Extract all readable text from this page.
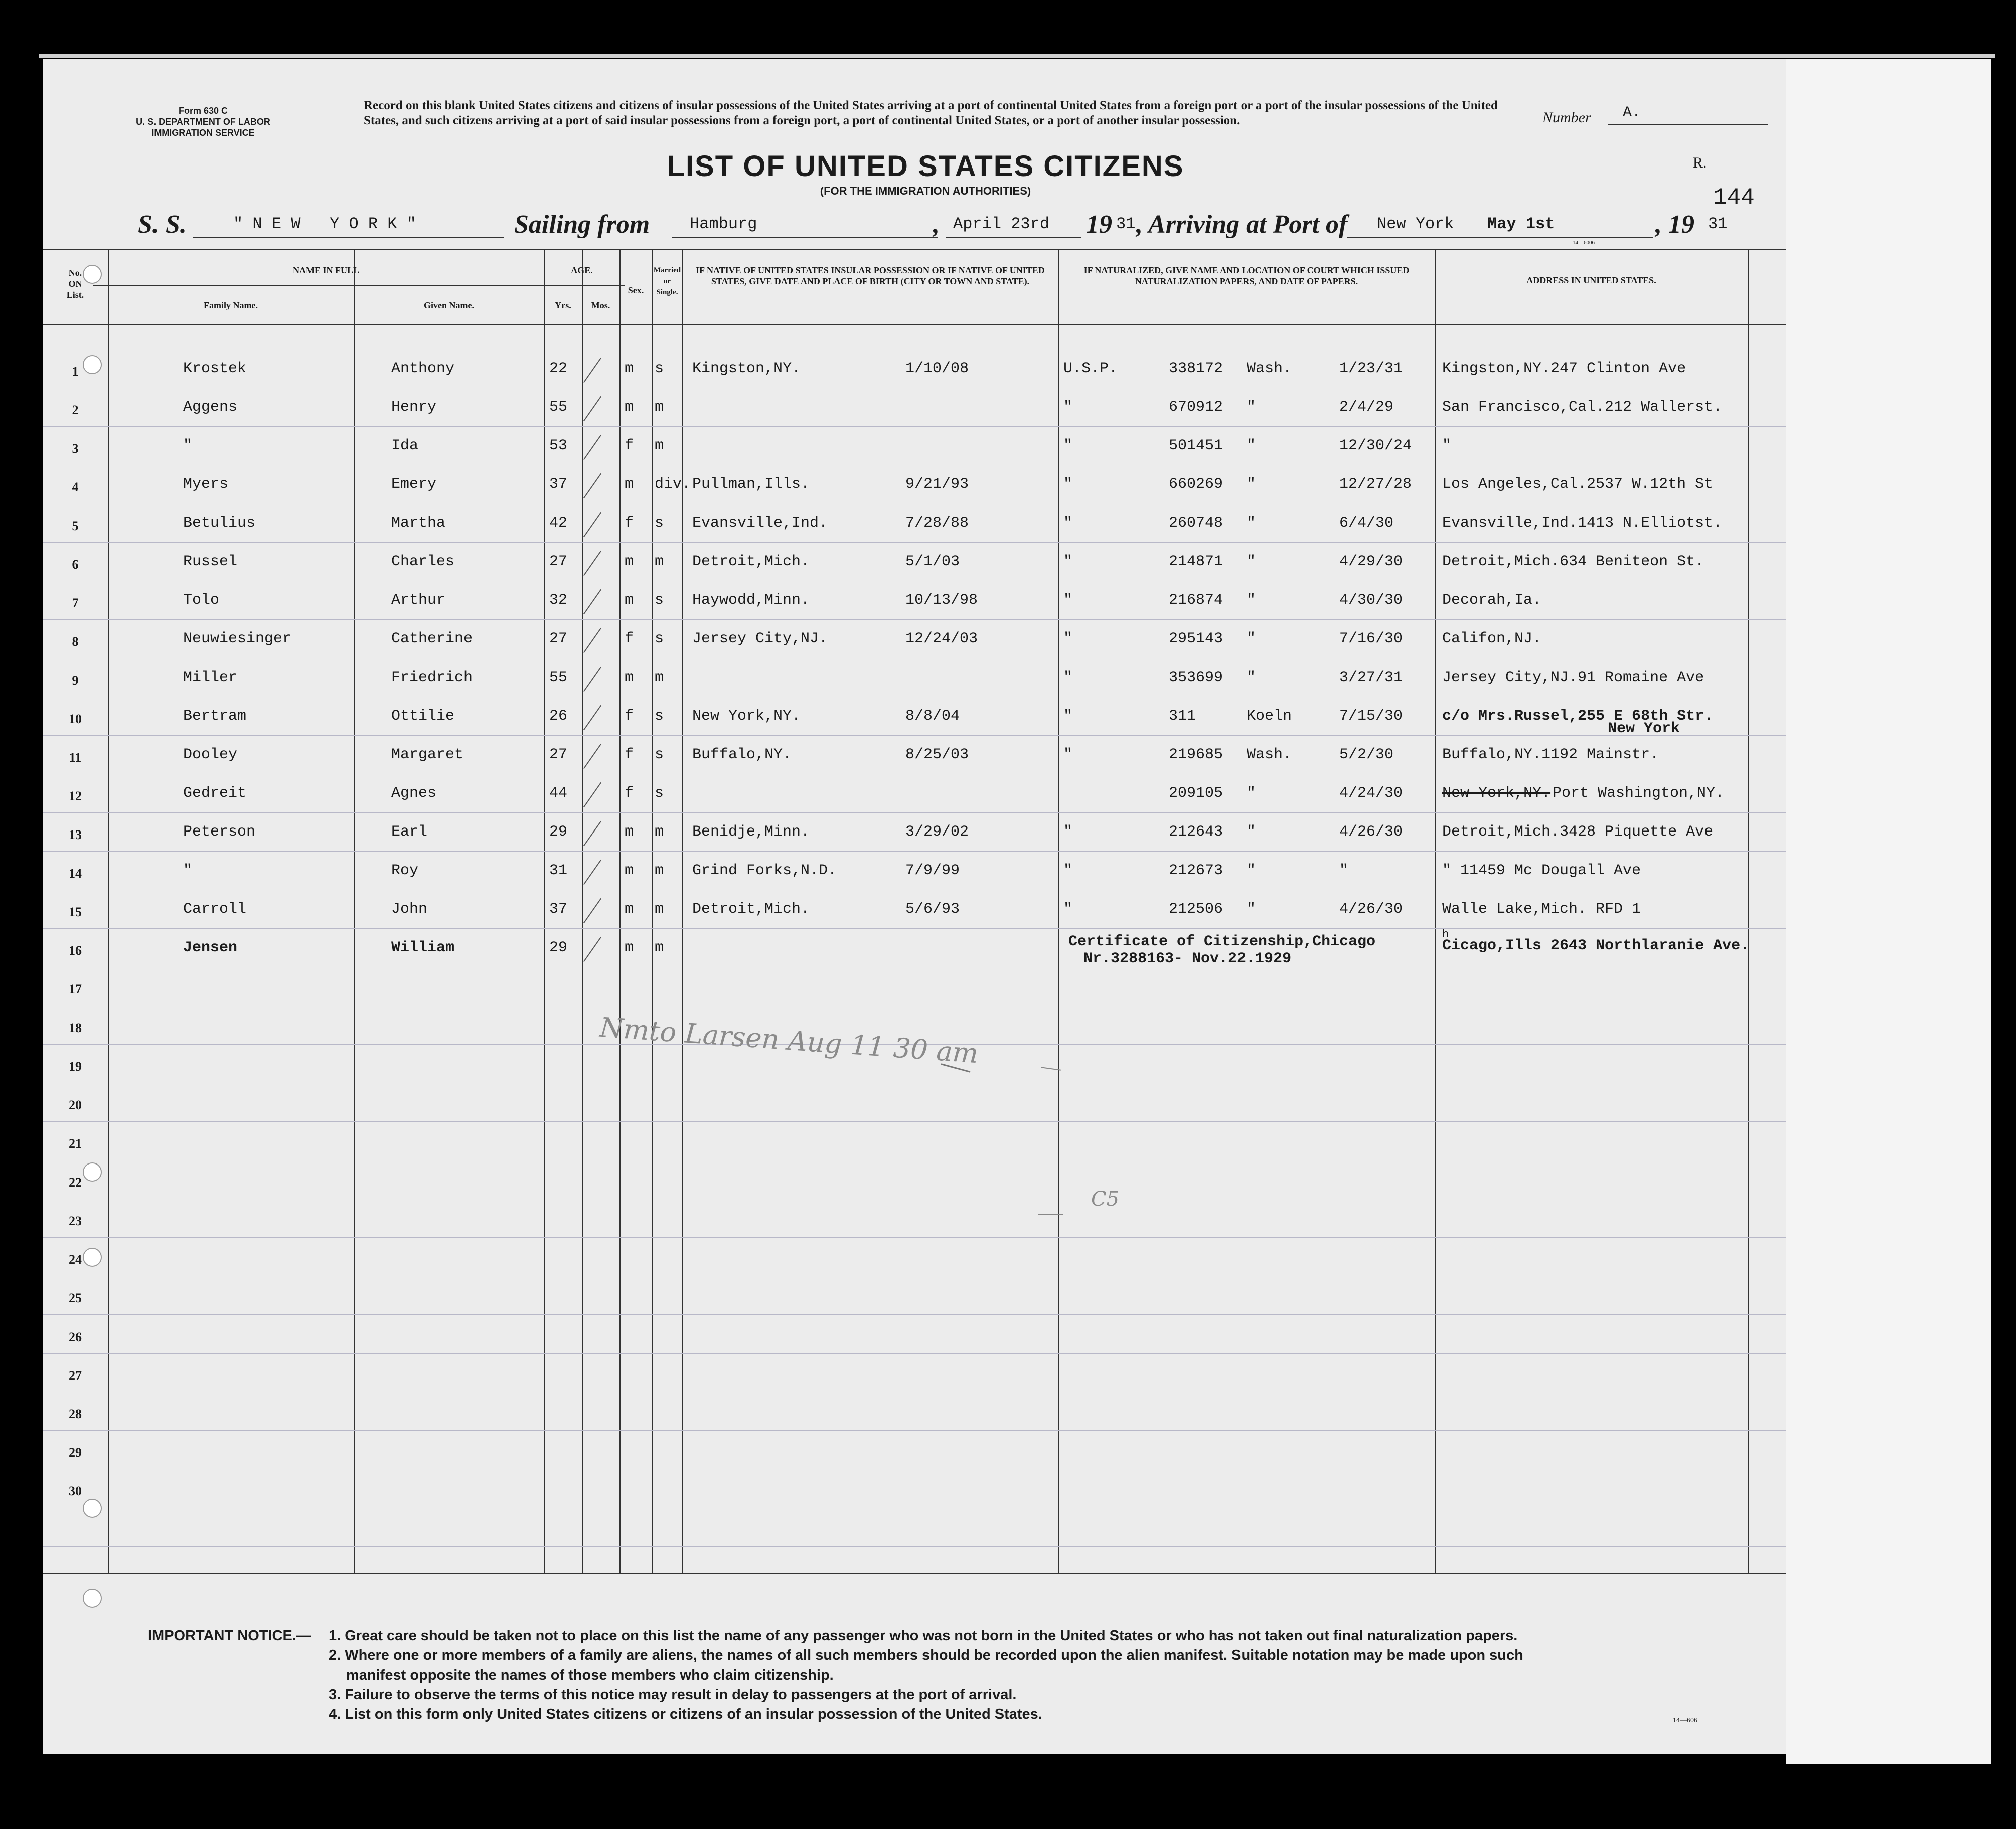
Form 630 C
U. S. DEPARTMENT OF LABOR
IMMIGRATION SERVICE
Record on this blank United States citizens and citizens of insular possessions of the United States arriving at a port of continental United States from a foreign port or a port of the insular possessions of the United States, and such citizens arriving at a port of said insular possessions from a foreign port, a port of continental United States, or a port of another insular possession.	Number A.
R.
144
LIST OF UNITED STATES CITIZENS
(FOR THE IMMIGRATION AUTHORITIES)
S. S.	" N E W   Y O R K "	Sailing from Hamburg	, April 23rd 19 31 , Arriving at Port of New York May 1st	, 19 31
14—6006
No.
ON
List.
NAME IN FULL
Family Name.	Given Name.
AGE.
Yrs.	Mos.
Sex.
Married or Single.
IF NATIVE OF UNITED STATES INSULAR POSSESSION OR IF NATIVE OF UNITED STATES, GIVE DATE AND PLACE OF BIRTH (CITY OR TOWN AND STATE).
IF NATURALIZED, GIVE NAME AND LOCATION OF COURT WHICH ISSUED NATURALIZATION PAPERS, AND DATE OF PAPERS.	ADDRESS IN UNITED STATES.
1	Krostek	Anthony	22	m s Kingston,NY.	1/10/08	U.S.P.	338172 Wash.	1/23/31	Kingston,NY.247 Clinton Ave
2	Aggens	Henry	55	m m	"	670912 "	2/4/29	San Francisco,Cal.212 Wallerst.
3	"	Ida	53	f m	"	501451 "	12/30/24 "
4	Myers	Emery	37	m div. Pullman,Ills.	9/21/93	"	660269 "	12/27/28 Los Angeles,Cal.2537 W.12th St
5	Betulius	Martha	42	f s Evansville,Ind.	7/28/88	"	260748 "	6/4/30	Evansville,Ind.1413 N.Elliotst.
6	Russel	Charles	27	m m Detroit,Mich.	5/1/03	"	214871 "	4/29/30	Detroit,Mich.634 Beniteon St.
7	Tolo	Arthur	32	m s Haywodd,Minn.	10/13/98	"	216874 "	4/30/30	Decorah,Ia.
8	Neuwiesinger	Catherine	27	f s Jersey City,NJ.	12/24/03	"	295143 "	7/16/30	Califon,NJ.
9	Miller	Friedrich	55	m m	"	353699 "	3/27/31	Jersey City,NJ.91 Romaine Ave
10	Bertram	Ottilie	26	f s New York,NY.	8/8/04	"	311	Koeln	7/15/30	c/o Mrs.Russel,255 E 68th Str.
New York
11	Dooley	Margaret	27	f s Buffalo,NY.	8/25/03	"	219685 Wash.	5/2/30	Buffalo,NY.1192 Mainstr.
12	Gedreit	Agnes	44	f s	209105 "	4/24/30	New-York,NY. Port Washington,NY.
13	Peterson	Earl	29	m m Benidje,Minn.	3/29/02	"	212643 "	4/26/30	Detroit,Mich.3428 Piquette Ave
14	"	Roy	31	m m Grind Forks,N.D.	7/9/99	"	212673 "	"	" 11459 Mc Dougall Ave
15	Carroll	John	37	m m Detroit,Mich.	5/6/93	"	212506 "	4/26/30	Walle Lake,Mich. RFD 1
16	Jensen	William	29	m m
h
Cicago,Ills 2643 Northlaranie Ave.
Certificate of Citizenship,Chicago
Nr.3288163- Nov.22.1929
17
18
19
20
21
22
23
24
25
26
27
28
29
30
Nmto Larsen Aug 11 30 am
C5
IMPORTANT NOTICE.— 1. Great care should be taken not to place on this list the name of any passenger who was not born in the United States or who has not taken out final naturalization papers.
2. Where one or more members of a family are aliens, the names of all such members should be recorded upon the alien manifest. Suitable notation may be made upon such
manifest opposite the names of those members who claim citizenship.
3. Failure to observe the terms of this notice may result in delay to passengers at the port of arrival.
4. List on this form only United States citizens or citizens of an insular possession of the United States.	14—606
